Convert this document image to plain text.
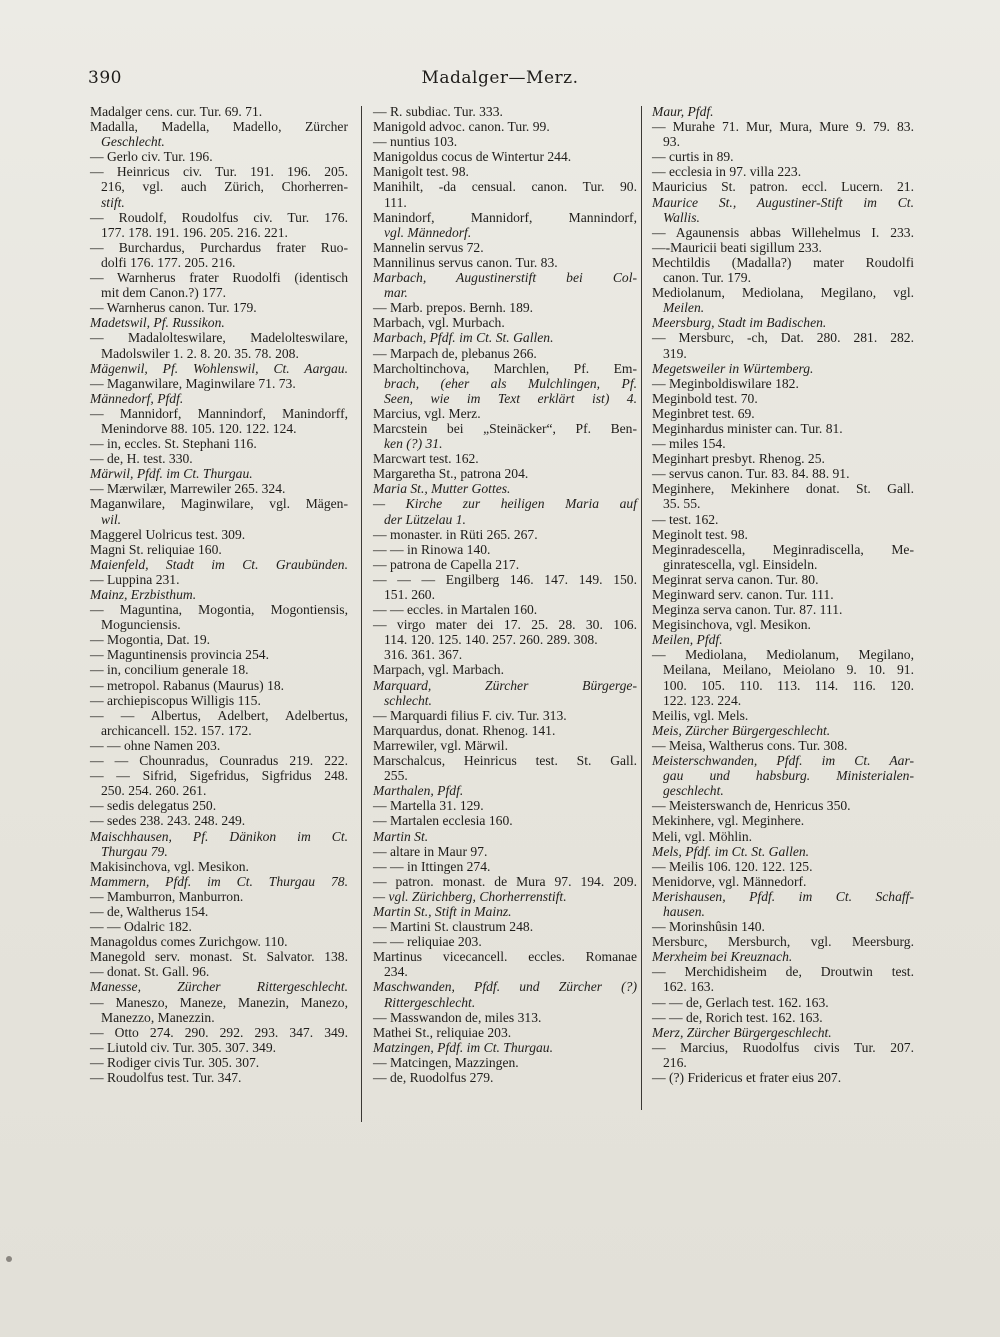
390	Madalger—Merz.
Madalger cens. cur. Tur. 69. 71.
Madalla, Madella, Madello, Zürcher
Geschlecht.
— Gerlo civ. Tur. 196.
— Heinricus civ. Tur. 191. 196. 205.
216, vgl. auch Zürich, Chorherren-
stift.
— Roudolf, Roudolfus civ. Tur. 176.
177. 178. 191. 196. 205. 216. 221.
— Burchardus, Purchardus frater Ruo-
dolfi 176. 177. 205. 216.
— Warnherus frater Ruodolfi (identisch
mit dem Canon.?) 177.
— Warnherus canon. Tur. 179.
Madetswil, Pf. Russikon.
— Madalolteswilare, Madelolteswilare,
Madolswiler 1. 2. 8. 20. 35. 78. 208.
Mägenwil, Pf. Wohlenswil, Ct. Aargau.
— Maganwilare, Maginwilare 71. 73.
Männedorf, Pfdf.
— Mannidorf, Mannindorf, Manindorff,
Menindorve 88. 105. 120. 122. 124.
— in, eccles. St. Stephani 116.
— de, H. test. 330.
Märwil, Pfdf. im Ct. Thurgau.
— Mærwilær, Marrewiler 265. 324.
Maganwilare, Maginwilare, vgl. Mägen-
wil.
Maggerel Uolricus test. 309.
Magni St. reliquiae 160.
Maienfeld, Stadt im Ct. Graubünden.
— Luppina 231.
Mainz, Erzbisthum.
— Maguntina, Mogontia, Mogontiensis,
Mogunciensis.
— Mogontia, Dat. 19.
— Maguntinensis provincia 254.
— in, concilium generale 18.
— metropol. Rabanus (Maurus) 18.
— archiepiscopus Willigis 115.
— — Albertus, Adelbert, Adelbertus,
archicancell. 152. 157. 172.
— — ohne Namen 203.
— — Chounradus, Counradus 219. 222.
— — Sifrid, Sigefridus, Sigfridus 248.
250. 254. 260. 261.
— sedis delegatus 250.
— sedes 238. 243. 248. 249.
Maischhausen, Pf. Dänikon im Ct.
Thurgau 79.
Makisinchova, vgl. Mesikon.
Mammern, Pfdf. im Ct. Thurgau 78.
— Mamburron, Manburron.
— de, Waltherus 154.
— — Odalric 182.
Managoldus comes Zurichgow. 110.
Manegold serv. monast. St. Salvator. 138.
— donat. St. Gall. 96.
Manesse, Zürcher Rittergeschlecht.
— Maneszo, Maneze, Manezin, Manezo,
Manezzo, Manezzin.
— Otto 274. 290. 292. 293. 347. 349.
— Liutold civ. Tur. 305. 307. 349.
— Rodiger civis Tur. 305. 307.
— Roudolfus test. Tur. 347.
— R. subdiac. Tur. 333.
Manigold advoc. canon. Tur. 99.
— nuntius 103.
Manigoldus cocus de Wintertur 244.
Manigolt test. 98.
Manihilt, -da censual. canon. Tur. 90.
111.
Manindorf, Mannidorf, Mannindorf,
vgl. Männedorf.
Mannelin servus 72.
Mannilinus servus canon. Tur. 83.
Marbach, Augustinerstift bei Col-
mar.
— Marb. prepos. Bernh. 189.
Marbach, vgl. Murbach.
Marbach, Pfdf. im Ct. St. Gallen.
— Marpach de, plebanus 266.
Marcholtinchova, Marchlen, Pf. Em-
brach, (eher als Mulchlingen, Pf.
Seen, wie im Text erklärt ist) 4.
Marcius, vgl. Merz.
Marcstein bei „Steinäcker“, Pf. Ben-
ken (?) 31.
Marcwart test. 162.
Margaretha St., patrona 204.
Maria St., Mutter Gottes.
— Kirche zur heiligen Maria auf
der Lützelau 1.
— monaster. in Rüti 265. 267.
— — in Rinowa 140.
— patrona de Capella 217.
— — — Engilberg 146. 147. 149. 150.
151. 260.
— — eccles. in Martalen 160.
— virgo mater dei 17. 25. 28. 30. 106.
114. 120. 125. 140. 257. 260. 289. 308.
316. 361. 367.
Marpach, vgl. Marbach.
Marquard, Zürcher Bürgerge-
schlecht.
— Marquardi filius F. civ. Tur. 313.
Marquardus, donat. Rhenog. 141.
Marrewiler, vgl. Märwil.
Marschalcus, Heinricus test. St. Gall.
255.
Marthalen, Pfdf.
— Martella 31. 129.
— Martalen ecclesia 160.
Martin St.
— altare in Maur 97.
— — in Ittingen 274.
— patron. monast. de Mura 97. 194. 209.
— vgl. Zürichberg, Chorherrenstift.
Martin St., Stift in Mainz.
— Martini St. claustrum 248.
— — reliquiae 203.
Martinus vicecancell. eccles. Romanae
234.
Maschwanden, Pfdf. und Zürcher (?)
Rittergeschlecht.
— Masswandon de, miles 313.
Mathei St., reliquiae 203.
Matzingen, Pfdf. im Ct. Thurgau.
— Matcingen, Mazzingen.
— de, Ruodolfus 279.
Maur, Pfdf.
— Murahe 71. Mur, Mura, Mure 9. 79. 83.
93.
— curtis in 89.
— ecclesia in 97. villa 223.
Mauricius St. patron. eccl. Lucern. 21.
Maurice St., Augustiner-Stift im Ct.
Wallis.
— Agaunensis abbas Willehelmus I. 233.
—-Mauricii beati sigillum 233.
Mechtildis (Madalla?) mater Roudolfi
canon. Tur. 179.
Mediolanum, Mediolana, Megilano, vgl.
Meilen.
Meersburg, Stadt im Badischen.
— Mersburc, -ch, Dat. 280. 281. 282.
319.
Megetsweiler in Würtemberg.
— Meginboldiswilare 182.
Meginbold test. 70.
Meginbret test. 69.
Meginhardus minister can. Tur. 81.
— miles 154.
Meginhart presbyt. Rhenog. 25.
— servus canon. Tur. 83. 84. 88. 91.
Meginhere, Mekinhere donat. St. Gall.
35. 55.
— test. 162.
Meginolt test. 98.
Meginradescella, Meginradiscella, Me-
ginratescella, vgl. Einsideln.
Meginrat serva canon. Tur. 80.
Meginward serv. canon. Tur. 111.
Meginza serva canon. Tur. 87. 111.
Megisinchova, vgl. Mesikon.
Meilen, Pfdf.
— Mediolana, Mediolanum, Megilano,
Meilana, Meilano, Meiolano 9. 10. 91.
100. 105. 110. 113. 114. 116. 120.
122. 123. 224.
Meilis, vgl. Mels.
Meis, Zürcher Bürgergeschlecht.
— Meisa, Waltherus cons. Tur. 308.
Meisterschwanden, Pfdf. im Ct. Aar-
gau und habsburg. Ministerialen-
geschlecht.
— Meisterswanch de, Henricus 350.
Mekinhere, vgl. Meginhere.
Meli, vgl. Möhlin.
Mels, Pfdf. im Ct. St. Gallen.
— Meilis 106. 120. 122. 125.
Menidorve, vgl. Männedorf.
Merishausen, Pfdf. im Ct. Schaff-
hausen.
— Morinshûsin 140.
Mersburc, Mersburch, vgl. Meersburg.
Merxheim bei Kreuznach.
— Merchidisheim de, Droutwin test.
162. 163.
— — de, Gerlach test. 162. 163.
— — de, Rorich test. 162. 163.
Merz, Zürcher Bürgergeschlecht.
— Marcius, Ruodolfus civis Tur. 207.
216.
— (?) Fridericus et frater eius 207.
